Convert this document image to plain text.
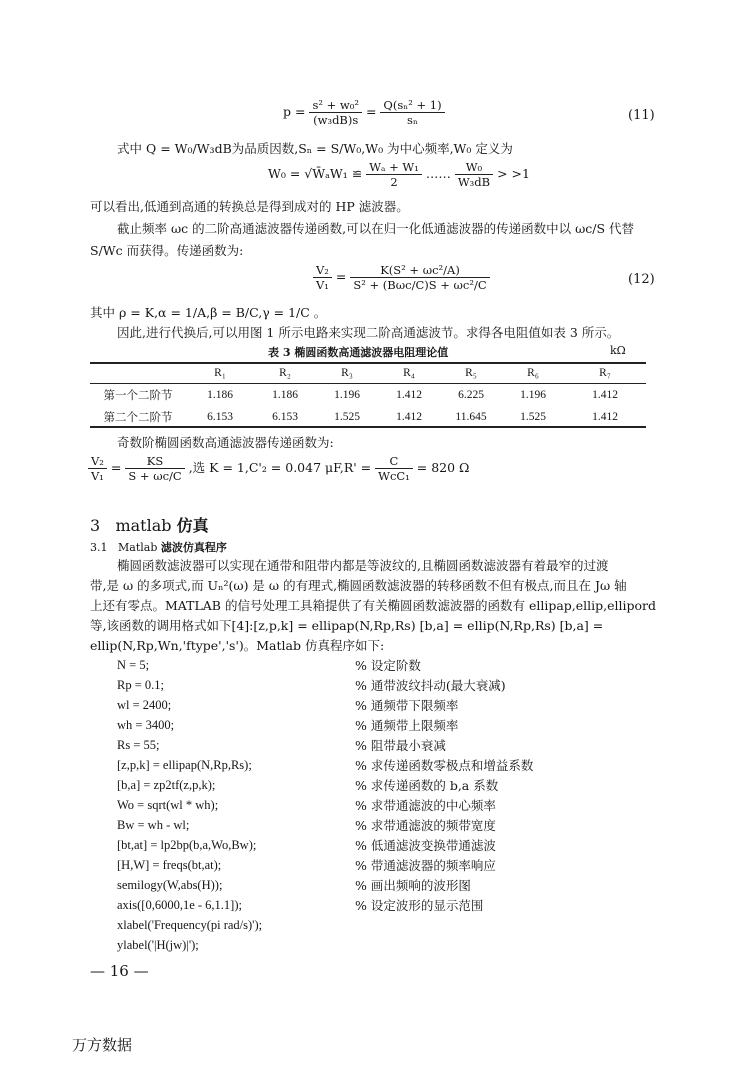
$p = \frac{\text{s² + w₀²}}{\text{(w₃dB)s}} = \frac{\text{Q(sₙ² + 1)}}{\text{sₙ}}$	(11)
式中 Q = W₀/W₃dB为品质因数,Sₙ = S/W₀,W₀ 为中心频率,W₀ 定义为
W₀ = √W̄ₐW₁ ≌ $\frac{\text{Wₐ + W₁}}{2}$ …… $\frac{\text{W₀}}{\text{W₃dB}} > >1$
可以看出,低通到高通的转换总是得到成对的 HP 滤波器。
截止频率 ωc 的二阶高通滤波器传递函数,可以在归一化低通滤波器的传递函数中以 ωc/S 代替
S/Wc 而获得。传递函数为:
$\frac{\text{V₂}}{\text{V₁}} = \frac{\text{K(S² + ωc²/A)}}{\text{S² + (Bωc/C)S + ωc²/C}}$	(12)
其中 ρ = K,α = 1/A,β = B/C,γ = 1/C 。
因此,进行代换后,可以用图 1 所示电路来实现二阶高通滤波节。求得各电阻值如表 3 所示。
表 3 椭圆函数高通滤波器电阻理论值	kΩ
	R₁	R₂	R₃	R₄	R₅	R₆	R₇
第一个二阶节	1.186	1.186	1.196	1.412	6.225	1.196	1.412
第二个二阶节	6.153	6.153	1.525	1.412	11.645	1.525	1.412
奇数阶椭圆函数高通滤波器传递函数为:
$\frac{\text{V₂}}{\text{V₁}} = \frac{KS}{S + \omega c/C}$ ,选 K = 1,C'₂ = 0.047 $\mu F,R' = \frac{C}{\text{WcC₁}} = 820$ Ω
3 matlab 仿真
3.1 Matlab 滤波仿真程序
椭圆函数滤波器可以实现在通带和阻带内都是等波纹的,且椭圆函数滤波器有着最窄的过渡
带,是 ω 的多项式,而 Uₙ²(ω) 是 ω 的有理式,椭圆函数滤波器的转移函数不但有极点,而且在 Jω 轴
上还有零点。MATLAB 的信号处理工具箱提供了有关椭圆函数滤波器的函数有 ellipap,ellip,ellipord
等,该函数的调用格式如下[4]:[z,p,k] = ellipap(N,Rp,Rs) [b,a] = ellip(N,Rp,Rs) [b,a] =
ellip(N,Rp,Wn,'ftype','s')。Matlab 仿真程序如下:
N = 5;	% 设定阶数
Rp = 0.1;	% 通带波纹抖动(最大衰减)
wl = 2400;	% 通频带下限频率
wh = 3400;	% 通频带上限频率
Rs = 55;	% 阻带最小衰减
[z,p,k] = ellipap(N,Rp,Rs);	% 求传递函数零极点和增益系数
[b,a] = zp2tf(z,p,k);	% 求传递函数的 b,a 系数
Wo = sqrt(wl * wh);	% 求带通滤波的中心频率
Bw = wh - wl;	% 求带通滤波的频带宽度
[bt,at] = lp2bp(b,a,Wo,Bw);	% 低通滤波变换带通滤波
[H,W] = freqs(bt,at);	% 带通滤波器的频率响应
semilogy(W,abs(H));	% 画出频响的波形图
axis([0,6000,1e - 6,1.1]);	% 设定波形的显示范围
xlabel('Frequency(pi rad/s)');
ylabel('|H(jw)|');
— 16 —
万方数据
